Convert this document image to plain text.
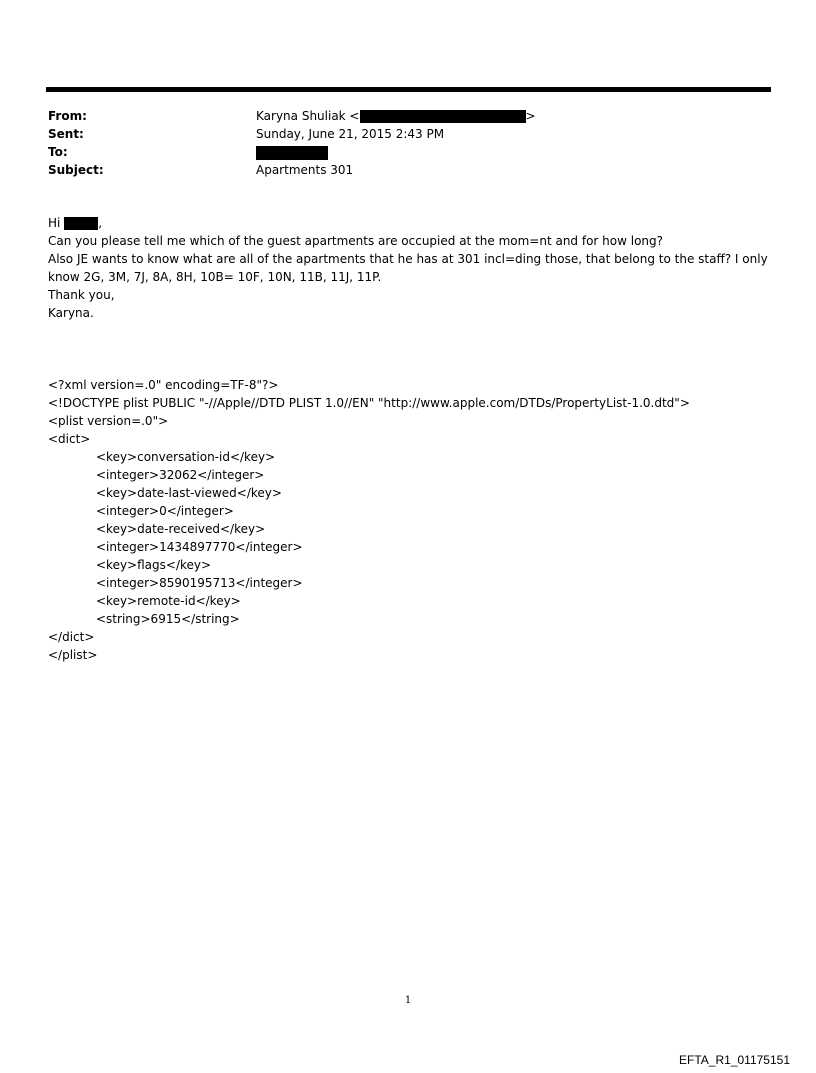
From:	Karyna Shuliak <	>
Sent:	Sunday, June 21, 2015 2:43 PM
To:
Subject:	Apartments 301
Hi	,
Can you please tell me which of the guest apartments are occupied at the mom=nt and for how long?
Also JE wants to know what are all of the apartments that he has at 301 incl=ding those, that belong to the staff? I only
know 2G, 3M, 7J, 8A, 8H, 10B= 10F, 10N, 11B, 11J, 11P.
Thank you,
Karyna.
<?xml version=.0" encoding=TF-8"?>
<!DOCTYPE plist PUBLIC "-//Apple//DTD PLIST 1.0//EN" "http://www.apple.com/DTDs/PropertyList-1.0.dtd">
<plist version=.0">
<dict>
<key>conversation-id</key>
<integer>32062</integer>
<key>date-last-viewed</key>
<integer>0</integer>
<key>date-received</key>
<integer>1434897770</integer>
<key>flags</key>
<integer>8590195713</integer>
<key>remote-id</key>
<string>6915</string>
</dict>
</plist>
1
EFTA_R1_01175151
